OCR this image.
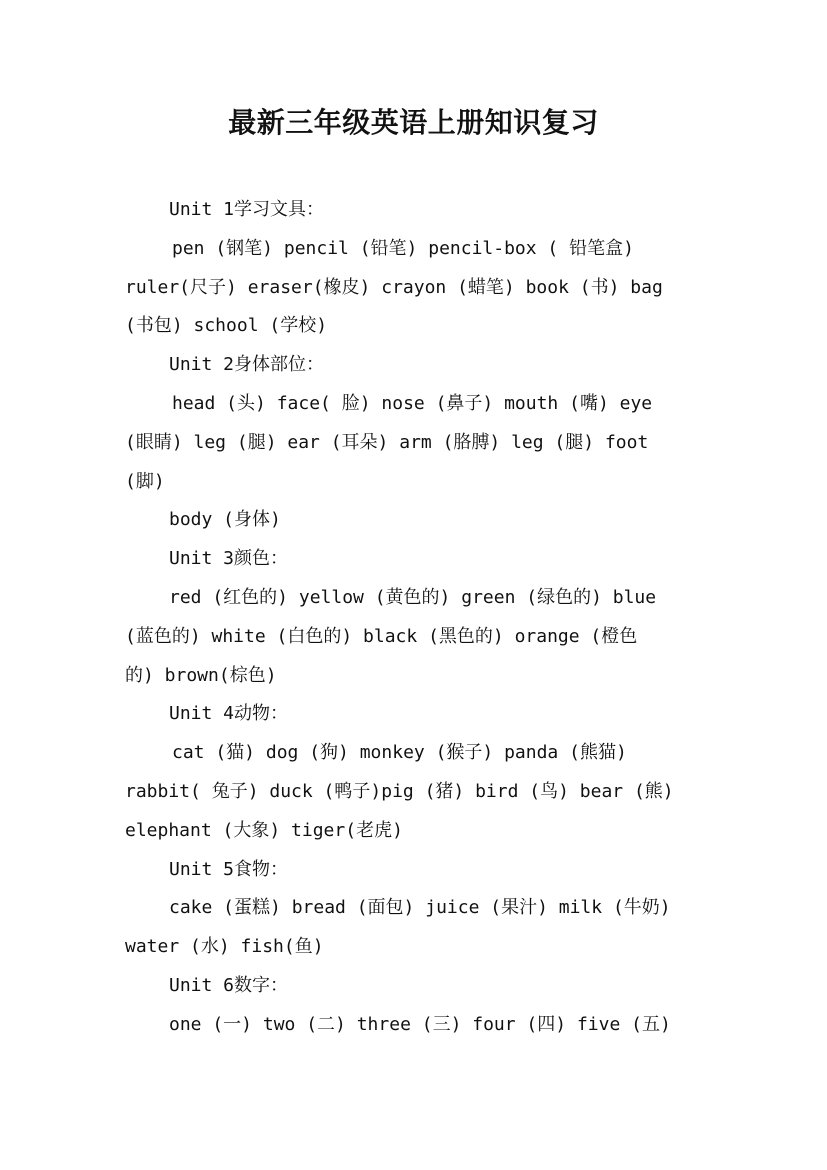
最新三年级英语上册知识复习
Unit 1学习文具：
pen (钢笔) pencil (铅笔) pencil-box ( 铅笔盒)
ruler(尺子) eraser(橡皮) crayon (蜡笔) book (书) bag
(书包) school (学校)
Unit 2身体部位：
head (头) face( 脸) nose (鼻子) mouth (嘴) eye
(眼睛) leg (腿) ear (耳朵) arm (胳膊) leg (腿) foot
(脚)
body (身体)
Unit 3颜色：
red (红色的) yellow (黄色的) green (绿色的) blue
(蓝色的) white (白色的) black (黑色的) orange (橙色
的) brown(棕色)
Unit 4动物：
cat (猫) dog (狗) monkey (猴子) panda (熊猫)
rabbit( 兔子) duck (鸭子)pig (猪) bird (鸟) bear (熊)
elephant (大象) tiger(老虎)
Unit 5食物：
cake (蛋糕) bread (面包) juice (果汁) milk (牛奶)
water (水) fish(鱼)
Unit 6数字：
one (一) two (二) three (三) four (四) five (五)
